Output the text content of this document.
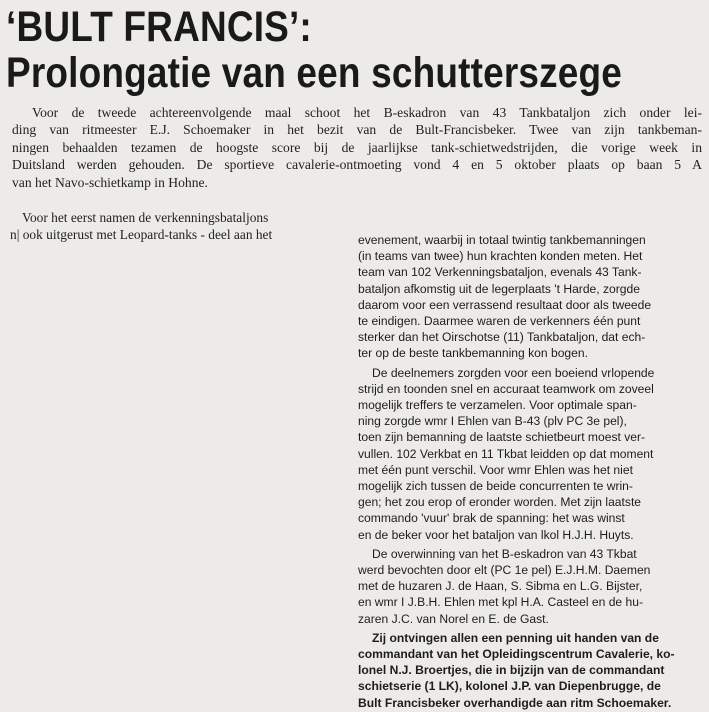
‘BULT FRANCIS’:
Prolongatie van een schutterszege
Voor de tweede achtereenvolgende maal schoot het B-eskadron van 43 Tankbataljon zich onder lei-
ding van ritmeester E.J. Schoemaker in het bezit van de Bult-Francisbeker. Twee van zijn tankbeman-
ningen behaalden tezamen de hoogste score bij de jaarlijkse tank-schietwedstrijden, die vorige week in
Duitsland werden gehouden. De sportieve cavalerie-ontmoeting vond 4 en 5 oktober plaats op baan 5 A
van het Navo-schietkamp in Hohne.
Voor het eerst namen de verkenningsbataljons
n| ook uitgerust met Leopard-tanks - deel aan het	evenement, waarbij in totaal twintig tankbemanningen
(in teams van twee) hun krachten konden meten. Het
team van 102 Verkenningsbataljon, evenals 43 Tank-
bataljon afkomstig uit de legerplaats 't Harde, zorgde
daarom voor een verrassend resultaat door als tweede
te eindigen. Daarmee waren de verkenners één punt
sterker dan het Oirschotse (11) Tankbataljon, dat ech-
ter op de beste tankbemanning kon bogen.
De deelnemers zorgden voor een boeiend vrlopende
strijd en toonden snel en accuraat teamwork om zoveel
mogelijk treffers te verzamelen. Voor optimale span-
ning zorgde wmr I Ehlen van B-43 (plv PC 3e pel),
toen zijn bemanning de laatste schietbeurt moest ver-
vullen. 102 Verkbat en 11 Tkbat leidden op dat moment
met één punt verschil. Voor wmr Ehlen was het niet
mogelijk zich tussen de beide concurrenten te wrin-
gen; het zou erop of eronder worden. Met zijn laatste
commando 'vuur' brak de spanning: het was winst
en de beker voor het bataljon van lkol H.J.H. Huyts.
De overwinning van het B-eskadron van 43 Tkbat
werd bevochten door elt (PC 1e pel) E.J.H.M. Daemen
met de huzaren J. de Haan, S. Sibma en L.G. Bijster,
en wmr I J.B.H. Ehlen met kpl H.A. Casteel en de hu-
zaren J.C. van Norel en E. de Gast.
Zij ontvingen allen een penning uit handen van de
commandant van het Opleidingscentrum Cavalerie, ko-
lonel N.J. Broertjes, die in bijzijn van de commandant
schietserie (1 LK), kolonel J.P. van Diepenbrugge, de
Bult Francisbeker overhandigde aan ritm Schoemaker.
